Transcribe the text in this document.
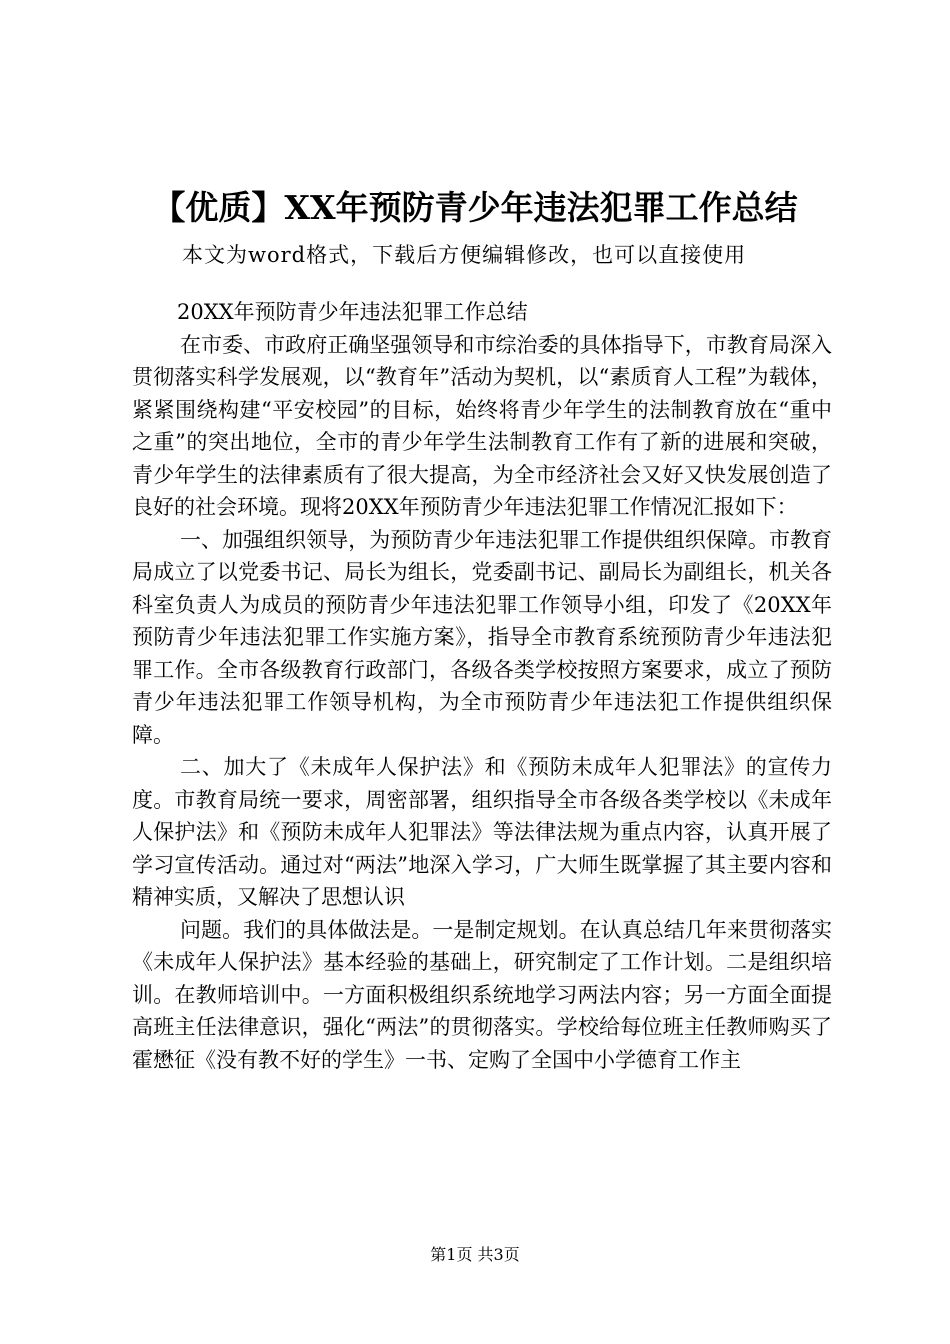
【优质】XX年预防青少年违法犯罪工作总结
本文为word格式，下载后方便编辑修改，也可以直接使用

20XX年预防青少年违法犯罪工作总结

在市委、市政府正确坚强领导和市综治委的具体指导下，市教育局深入贯彻落实科学发展观，以“教育年”活动为契机，以“素质育人工程”为载体，紧紧围绕构建“平安校园”的目标，始终将青少年学生的法制教育放在“重中之重”的突出地位，全市的青少年学生法制教育工作有了新的进展和突破，青少年学生的法律素质有了很大提高，为全市经济社会又好又快发展创造了良好的社会环境。现将20XX年预防青少年违法犯罪工作情况汇报如下：

一、加强组织领导，为预防青少年违法犯罪工作提供组织保障。市教育局成立了以党委书记、局长为组长，党委副书记、副局长为副组长，机关各科室负责人为成员的预防青少年违法犯罪工作领导小组，印发了《20XX年预防青少年违法犯罪工作实施方案》，指导全市教育系统预防青少年违法犯罪工作。全市各级教育行政部门，各级各类学校按照方案要求，成立了预防青少年违法犯罪工作领导机构，为全市预防青少年违法犯工作提供组织保障。

二、加大了《未成年人保护法》和《预防未成年人犯罪法》的宣传力度。市教育局统一要求，周密部署，组织指导全市各级各类学校以《未成年人保护法》和《预防未成年人犯罪法》等法律法规为重点内容，认真开展了学习宣传活动。通过对“两法”地深入学习，广大师生既掌握了其主要内容和精神实质，又解决了思想认识

问题。我们的具体做法是。一是制定规划。在认真总结几年来贯彻落实《未成年人保护法》基本经验的基础上，研究制定了工作计划。二是组织培训。在教师培训中。一方面积极组织系统地学习两法内容；另一方面全面提高班主任法律意识，强化“两法”的贯彻落实。学校给每位班主任教师购买了霍懋征《没有教不好的学生》一书、定购了全国中小学德育工作主

第1页 共3页
